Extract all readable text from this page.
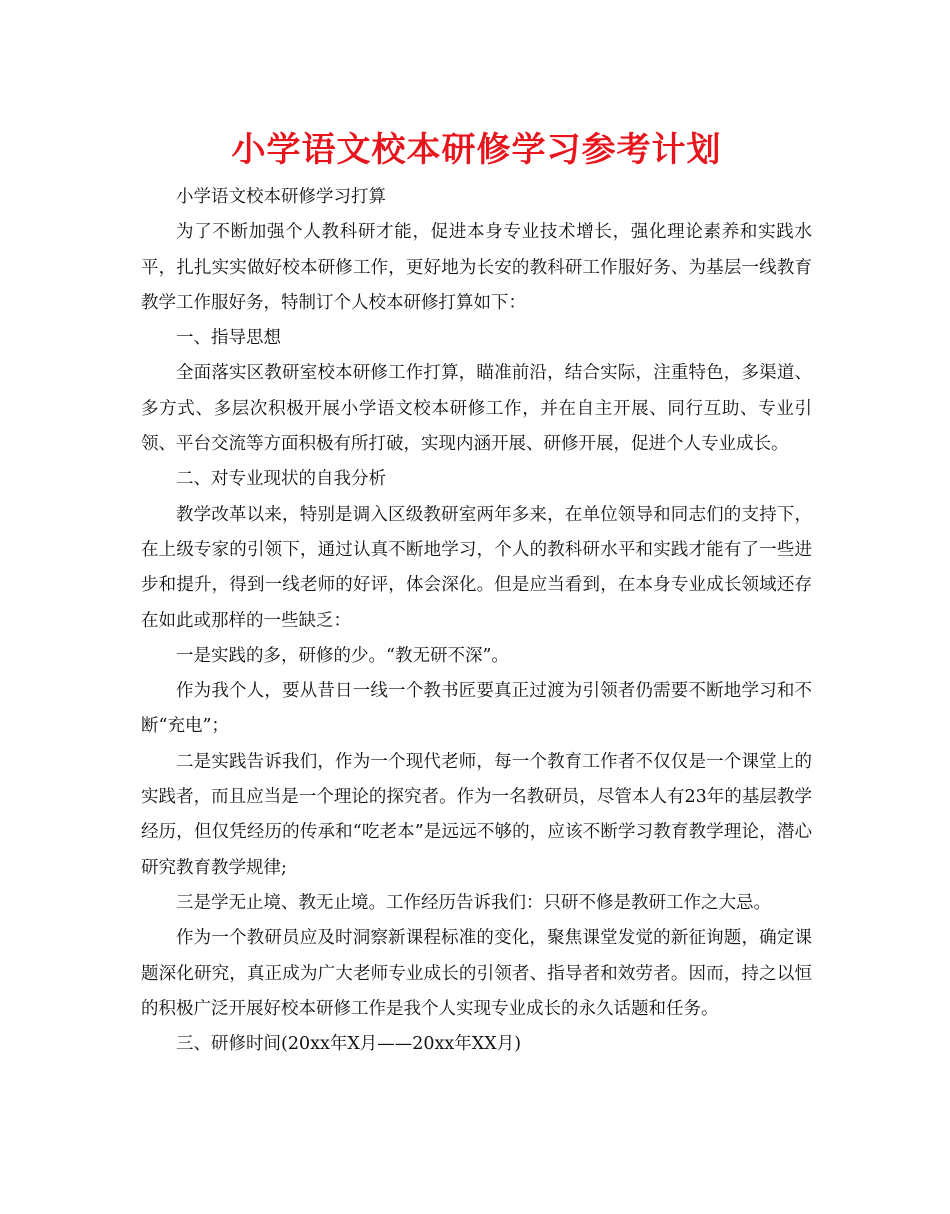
小学语文校本研修学习参考计划

小学语文校本研修学习打算

为了不断加强个人教科研才能，促进本身专业技术增长，强化理论素养和实践水平，扎扎实实做好校本研修工作，更好地为长安的教科研工作服好务、为基层一线教育教学工作服好务，特制订个人校本研修打算如下：

一、指导思想

全面落实区教研室校本研修工作打算，瞄准前沿，结合实际，注重特色，多渠道、多方式、多层次积极开展小学语文校本研修工作，并在自主开展、同行互助、专业引领、平台交流等方面积极有所打破，实现内涵开展、研修开展，促进个人专业成长。

二、对专业现状的自我分析

教学改革以来，特别是调入区级教研室两年多来，在单位领导和同志们的支持下，在上级专家的引领下，通过认真不断地学习，个人的教科研水平和实践才能有了一些进步和提升，得到一线老师的好评，体会深化。但是应当看到，在本身专业成长领域还存在如此或那样的一些缺乏：

一是实践的多，研修的少。“教无研不深”。

作为我个人，要从昔日一线一个教书匠要真正过渡为引领者仍需要不断地学习和不断“充电”；

二是实践告诉我们，作为一个现代老师，每一个教育工作者不仅仅是一个课堂上的实践者，而且应当是一个理论的探究者。作为一名教研员，尽管本人有23年的基层教学经历，但仅凭经历的传承和“吃老本”是远远不够的，应该不断学习教育教学理论，潜心研究教育教学规律;

三是学无止境、教无止境。工作经历告诉我们：只研不修是教研工作之大忌。

作为一个教研员应及时洞察新课程标准的变化，聚焦课堂发觉的新征询题，确定课题深化研究，真正成为广大老师专业成长的引领者、指导者和效劳者。因而，持之以恒的积极广泛开展好校本研修工作是我个人实现专业成长的永久话题和任务。

三、研修时间(20xx年X月——20xx年XX月)
